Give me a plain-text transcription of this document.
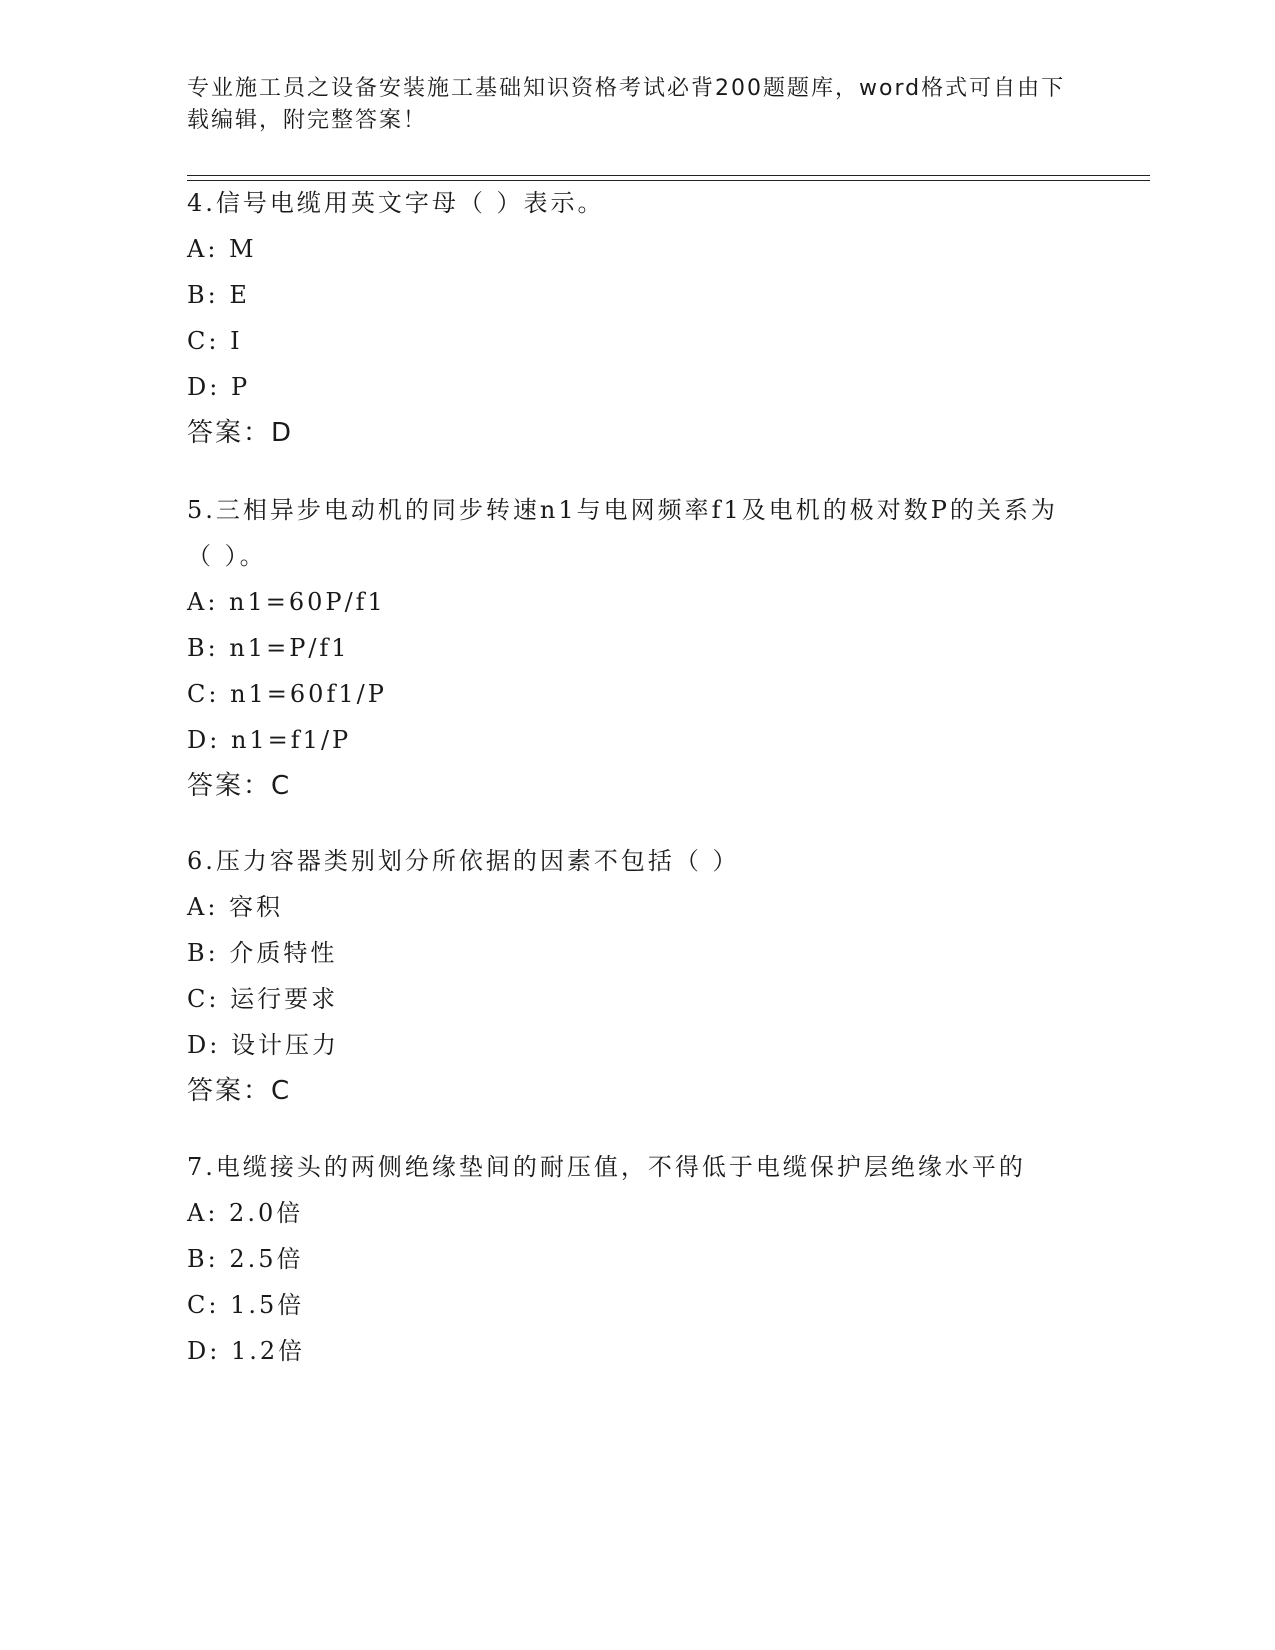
专业施工员之设备安装施工基础知识资格考试必背200题题库，word格式可自由下载编辑，附完整答案！

4.信号电缆用英文字母（ ）表示。

A: M

B: E

C: I

D: P

答案：D

5.三相异步电动机的同步转速n1与电网频率f1及电机的极对数P的关系为（ ）。

A: n1=60P/f1

B: n1=P/f1

C: n1=60f1/P

D: n1=f1/P

答案：C

6.压力容器类别划分所依据的因素不包括（ ）

A: 容积

B: 介质特性

C: 运行要求

D: 设计压力

答案：C

7.电缆接头的两侧绝缘垫间的耐压值，不得低于电缆保护层绝缘水平的

A: 2.0倍

B: 2.5倍

C: 1.5倍

D: 1.2倍
